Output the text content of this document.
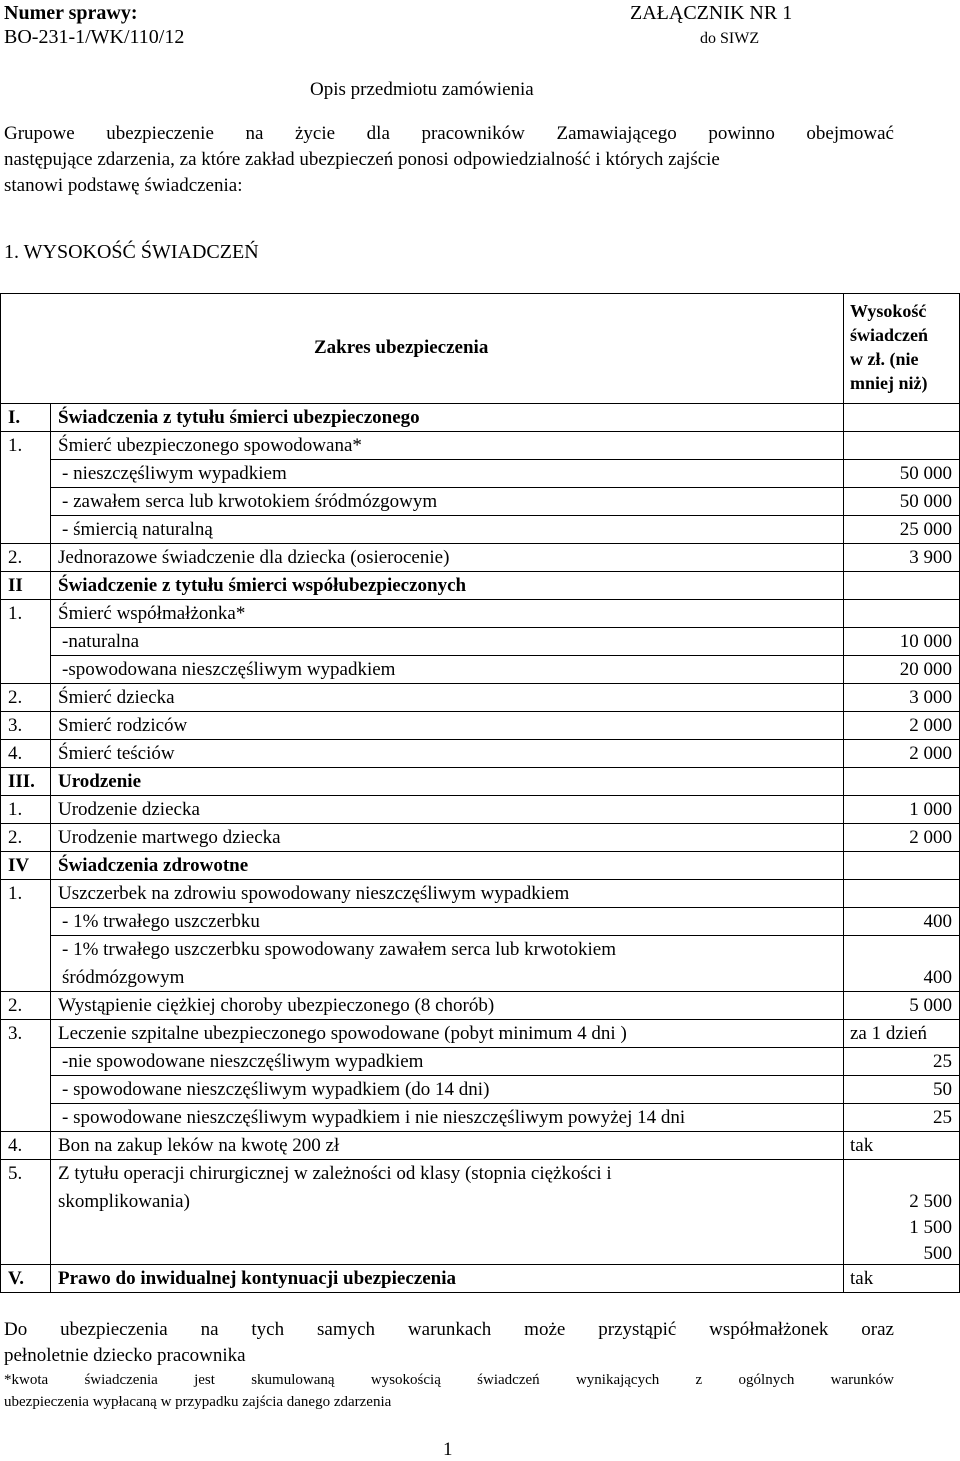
Numer sprawy:
BO-231-1/WK/110/12
ZAŁĄCZNIK NR 1
do SIWZ
Opis przedmiotu zamówienia
Grupowe ubezpieczenie na życie dla pracowników Zamawiającego powinno obejmować
następujące zdarzenia, za które zakład ubezpieczeń ponosi odpowiedzialność i których zajście
stanowi podstawę świadczenia:
1. WYSOKOŚĆ ŚWIADCZEŃ
Zakres ubezpieczenia
Wysokość
świadczeń
w zł. (nie
mniej niż)
I. Świadczenia z tytułu śmierci ubezpieczonego
1. Śmierć ubezpieczonego spowodowana*
- nieszczęśliwym wypadkiem	50 000
- zawałem serca lub krwotokiem śródmózgowym	50 000
- śmiercią naturalną	25 000
2. Jednorazowe świadczenie dla dziecka (osierocenie)	3 900
II Świadczenie z tytułu śmierci współubezpieczonych
1. Śmierć współmałżonka*
-naturalna	10 000
-spowodowana nieszczęśliwym wypadkiem	20 000
2. Śmierć dziecka	3 000
3. Smierć rodziców	2 000
4. Śmierć teściów	2 000
III. Urodzenie
1. Urodzenie dziecka	1 000
2. Urodzenie martwego dziecka	2 000
IV Świadczenia zdrowotne
1. Uszczerbek na zdrowiu spowodowany nieszczęśliwym wypadkiem
- 1% trwałego uszczerbku	400
- 1% trwałego uszczerbku spowodowany zawałem serca lub krwotokiem
śródmózgowym	400
2. Wystąpienie ciężkiej choroby ubezpieczonego (8 chorób)	5 000
3. Leczenie szpitalne ubezpieczonego spowodowane (pobyt minimum 4 dni )	za 1 dzień
-nie spowodowane nieszczęśliwym wypadkiem	25
- spowodowane nieszczęśliwym wypadkiem (do 14 dni)	50
- spowodowane nieszczęśliwym wypadkiem i nie nieszczęśliwym powyżej 14 dni	25
4. Bon na zakup leków na kwotę 200 zł	tak
5. Z tytułu operacji chirurgicznej w zależności od klasy (stopnia ciężkości i
skomplikowania)	2 500
1 500
500
V. Prawo do inwidualnej kontynuacji ubezpieczenia	tak
Do ubezpieczenia na tych samych warunkach może przystąpić współmałżonek oraz
pełnoletnie dziecko pracownika
*kwota świadczenia jest skumulowaną wysokością świadczeń wynikających z ogólnych warunków
ubezpieczenia wypłacaną w przypadku zajścia danego zdarzenia
1
